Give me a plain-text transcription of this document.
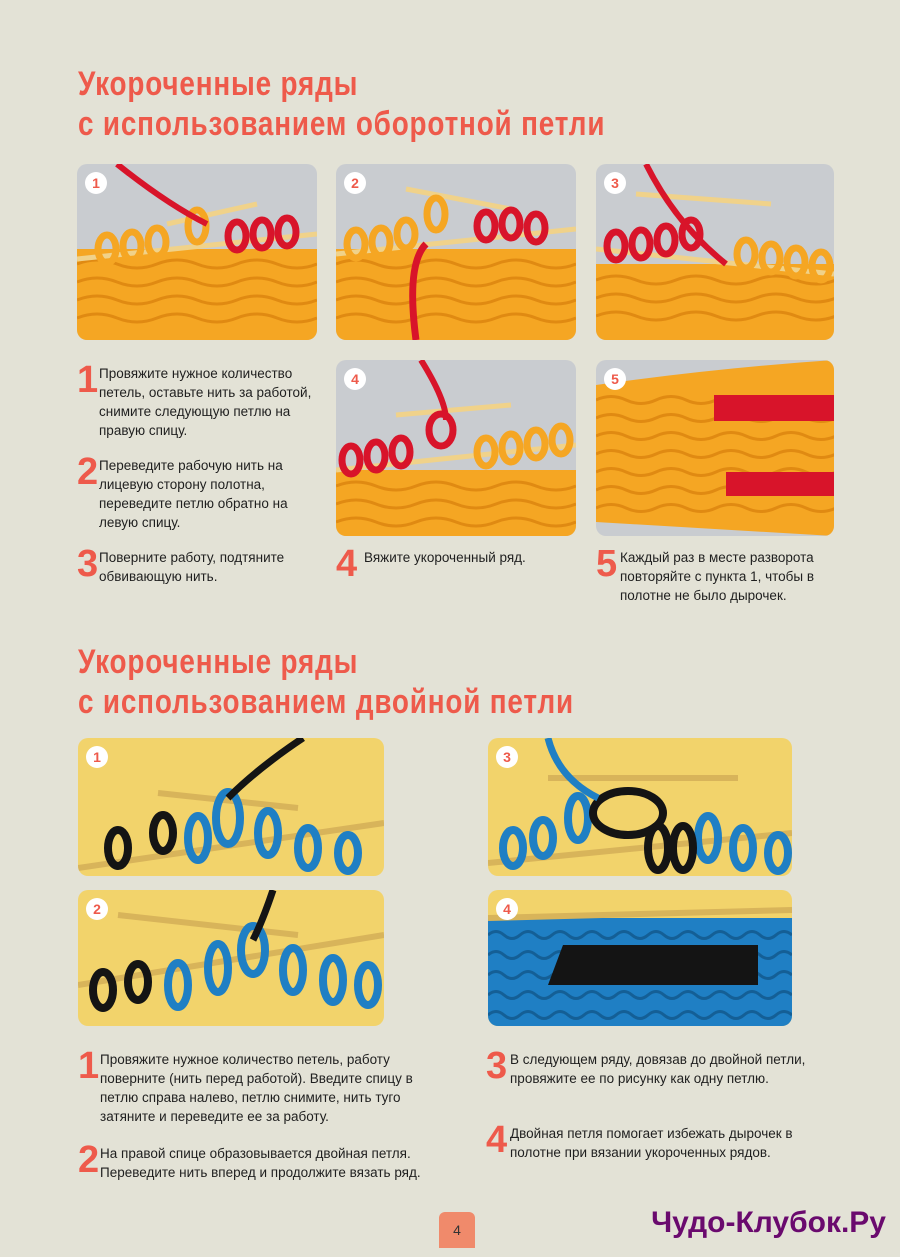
Укороченные ряды
с использованием оборотной петли
1	2	3
4	5
1 Провяжите нужное количество петель, оставьте нить за работой, снимите следующую петлю на правую спицу.
2 Переведите рабочую нить на лицевую сторону полотна, переведите петлю обратно на левую спицу.
3 Поверните работу, подтяните обвивающую нить.	4 Вяжите укороченный ряд.	5 Каждый раз в месте разворота повторяйте с пункта 1, чтобы в полотне не было дырочек.
Укороченные ряды
с использованием двойной петли
1
2
3
4
1 Провяжите нужное количество петель, работу поверните (нить перед работой). Введите спицу в петлю справа налево, петлю снимите, нить туго затяните и переведите ее за работу.
2 На правой спице образовывается двойная петля. Переведите нить вперед и продолжите вязать ряд.
3 В следующем ряду, довязав до двойной петли, провяжите ее по рисунку как одну петлю.
4 Двойная петля помогает избежать дырочек в полотне при вязании укороченных рядов.
4	Чудо-Клубок.Ру
